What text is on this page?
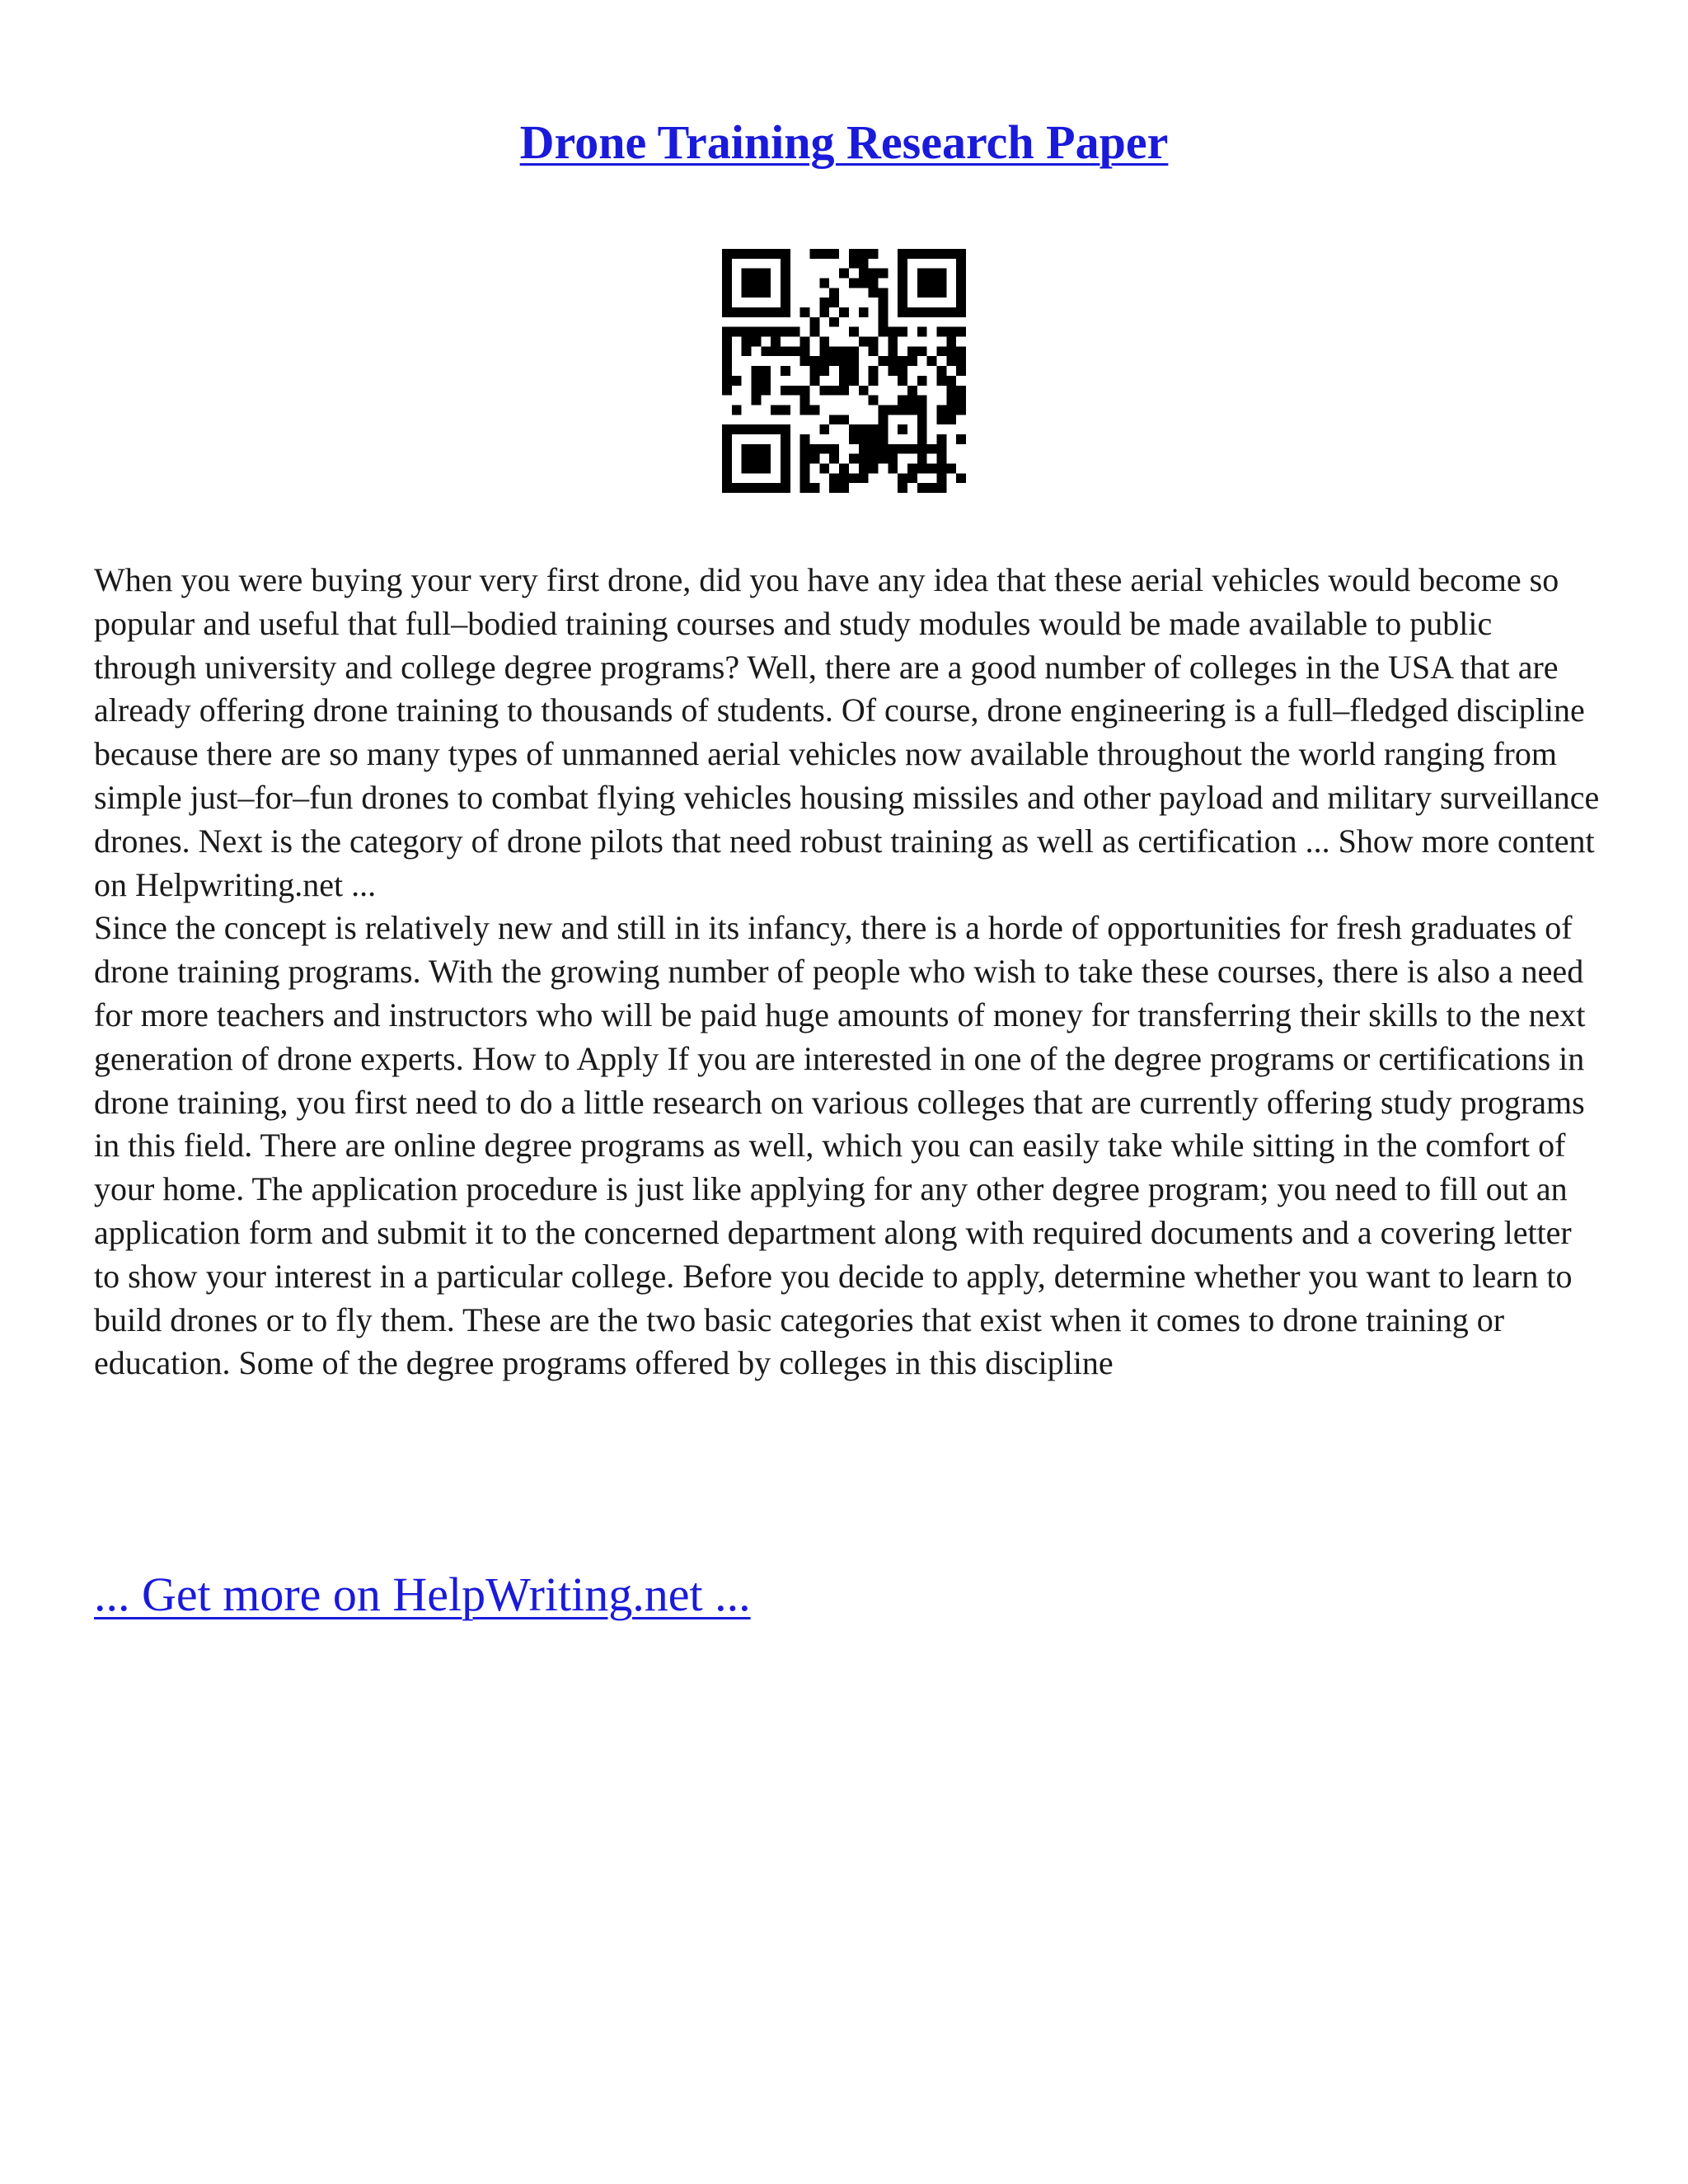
Drone Training Research Paper

When you were buying your very first drone, did you have any idea that these aerial vehicles would become so popular and useful that full–bodied training courses and study modules would be made available to public through university and college degree programs? Well, there are a good number of colleges in the USA that are already offering drone training to thousands of students. Of course, drone engineering is a full–fledged discipline because there are so many types of unmanned aerial vehicles now available throughout the world ranging from simple just–for–fun drones to combat flying vehicles housing missiles and other payload and military surveillance drones. Next is the category of drone pilots that need robust training as well as certification ... Show more content on Helpwriting.net ...

Since the concept is relatively new and still in its infancy, there is a horde of opportunities for fresh graduates of drone training programs. With the growing number of people who wish to take these courses, there is also a need for more teachers and instructors who will be paid huge amounts of money for transferring their skills to the next generation of drone experts. How to Apply If you are interested in one of the degree programs or certifications in drone training, you first need to do a little research on various colleges that are currently offering study programs in this field. There are online degree programs as well, which you can easily take while sitting in the comfort of your home. The application procedure is just like applying for any other degree program; you need to fill out an application form and submit it to the concerned department along with required documents and a covering letter to show your interest in a particular college. Before you decide to apply, determine whether you want to learn to build drones or to fly them. These are the two basic categories that exist when it comes to drone training or education. Some of the degree programs offered by colleges in this discipline

... Get more on HelpWriting.net ...
